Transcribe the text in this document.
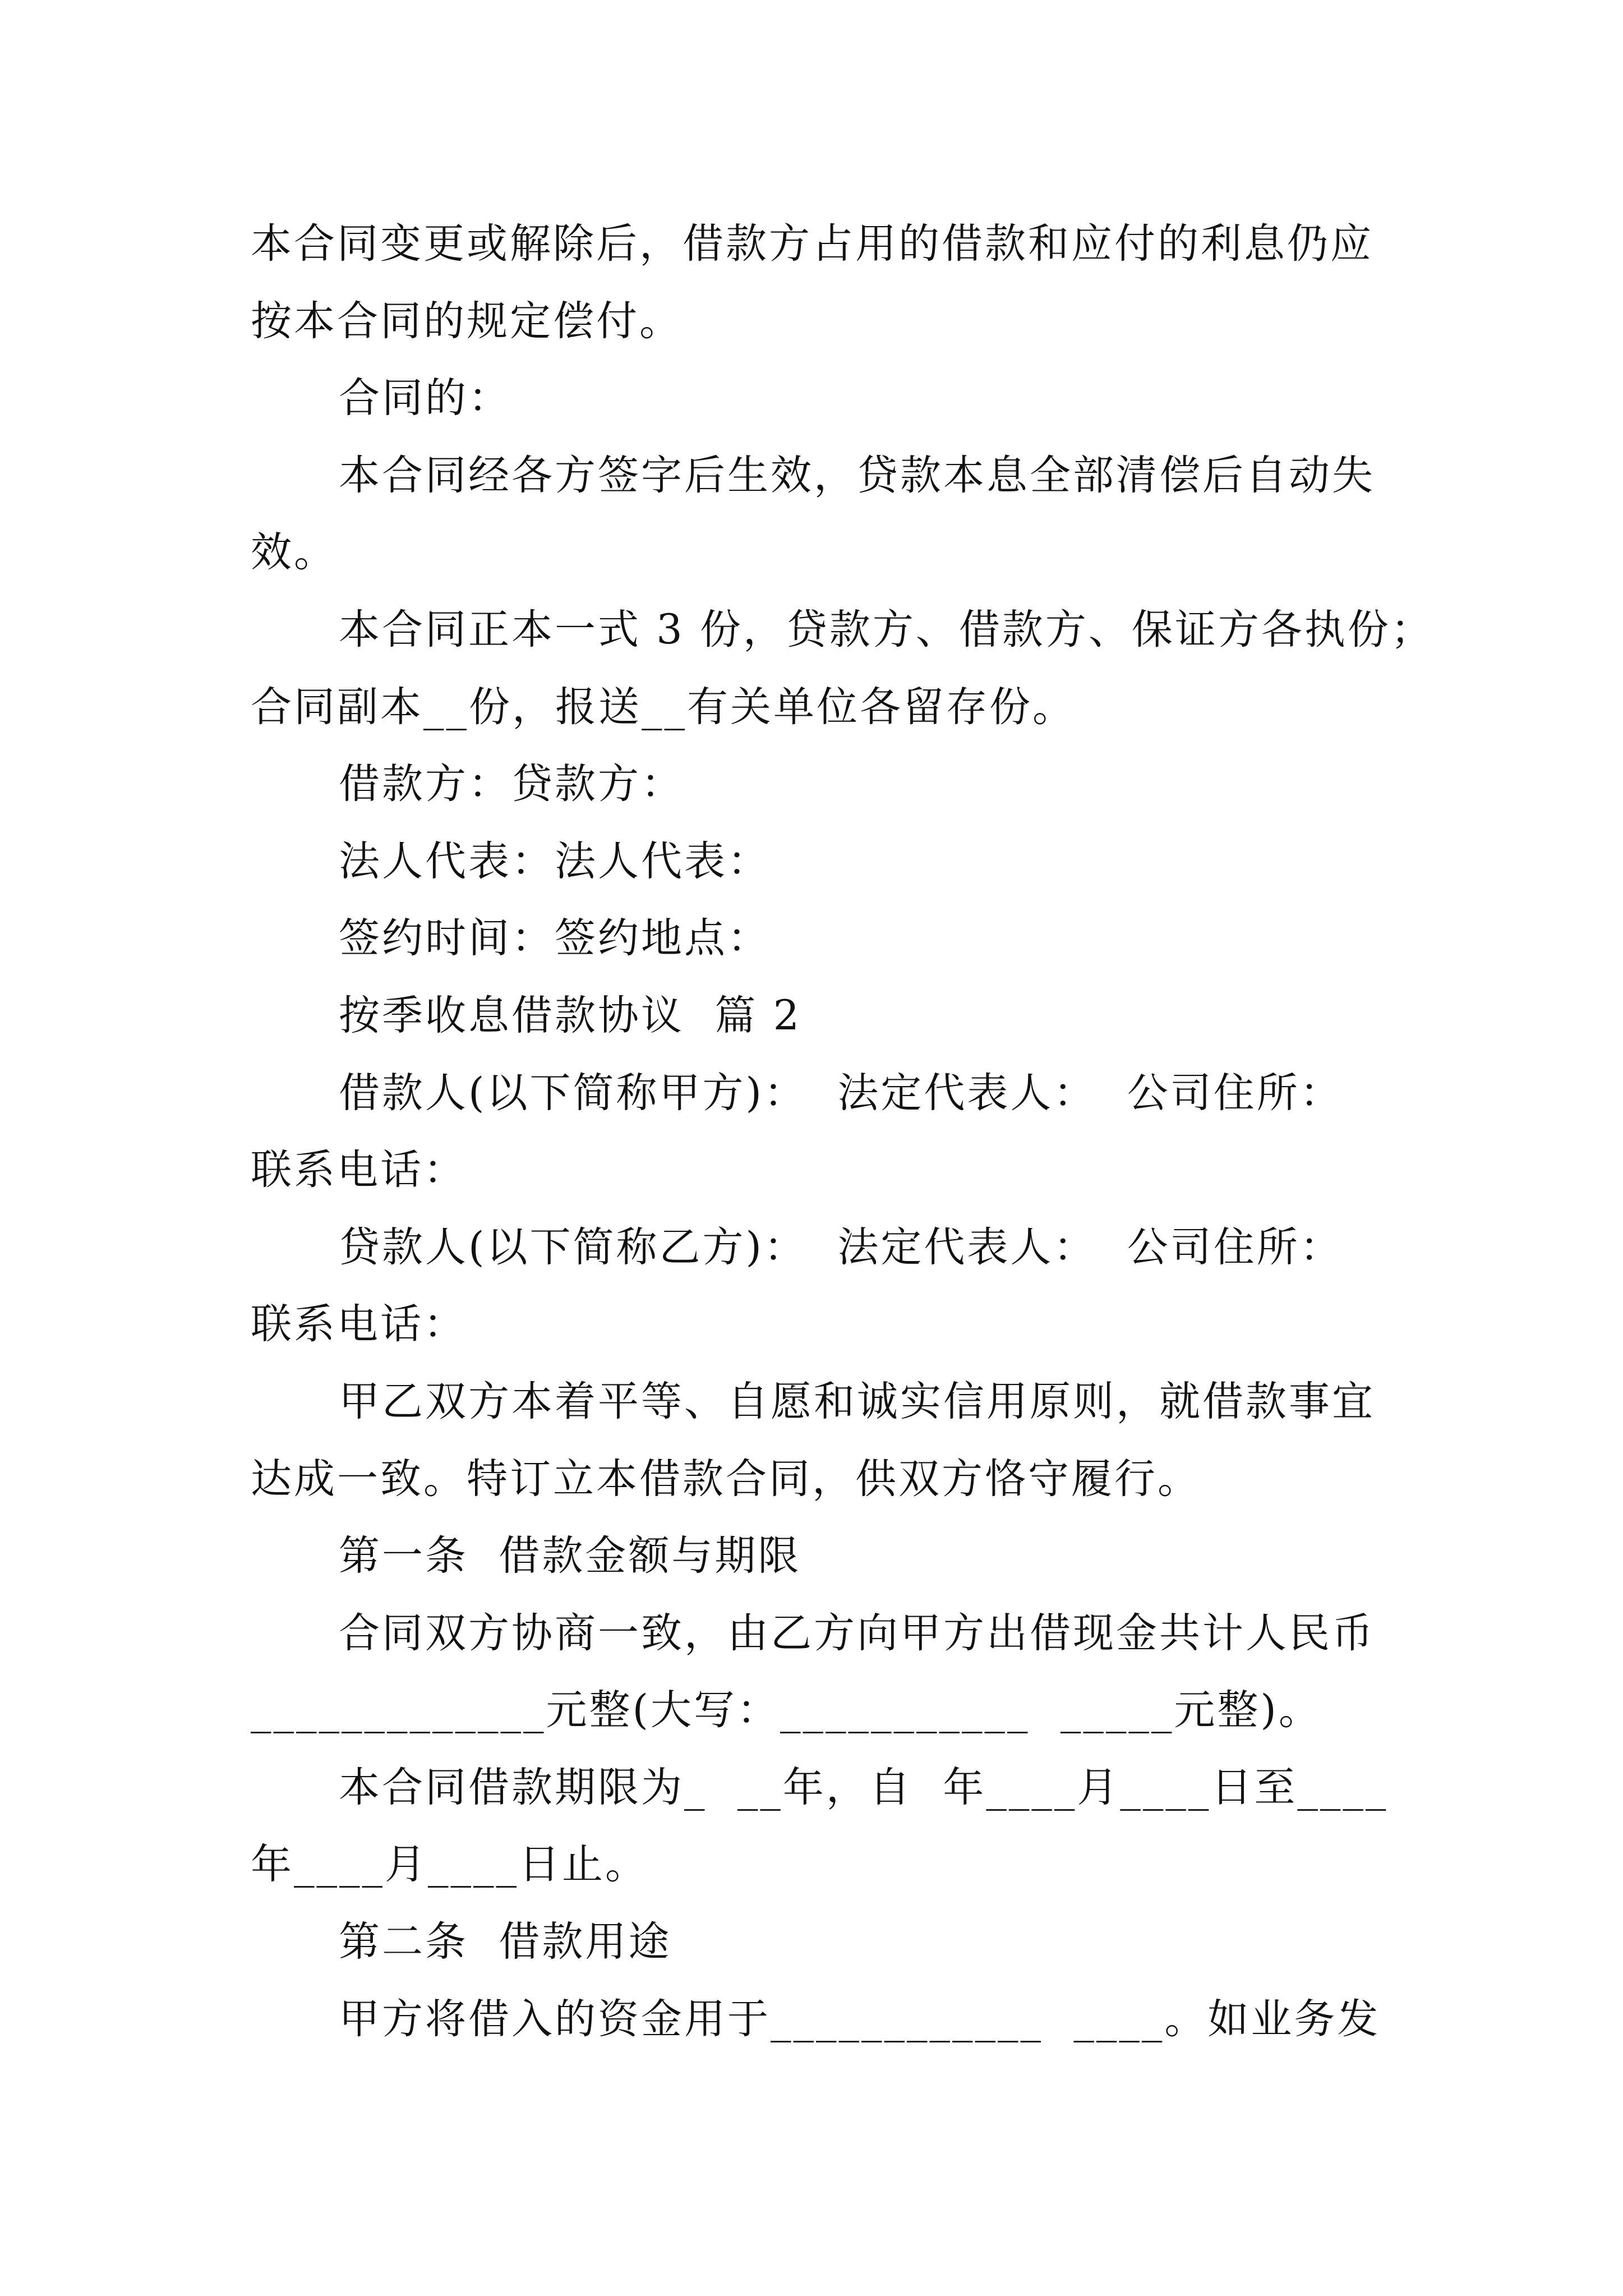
本合同变更或解除后，借款方占用的借款和应付的利息仍应
按本合同的规定偿付。
合同的：
本合同经各方签字后生效，贷款本息全部清偿后自动失
效。
本合同正本一式 3 份，贷款方、借款方、保证方各执份；
合同副本__份，报送__有关单位各留存份。
借款方：贷款方：
法人代表：法人代表：
签约时间：签约地点：
按季收息借款协议  篇 2
借款人(以下简称甲方)：  法定代表人：  公司住所：
联系电话：
贷款人(以下简称乙方)：  法定代表人：  公司住所：
联系电话：
甲乙双方本着平等、自愿和诚实信用原则，就借款事宜
达成一致。特订立本借款合同，供双方恪守履行。
第一条  借款金额与期限
合同双方协商一致，由乙方向甲方出借现金共计人民币
_____________元整(大写：___________  _____元整)。
本合同借款期限为_  __年，自  年____月____日至____
年____月____日止。
第二条  借款用途
甲方将借入的资金用于____________  ____。如业务发
